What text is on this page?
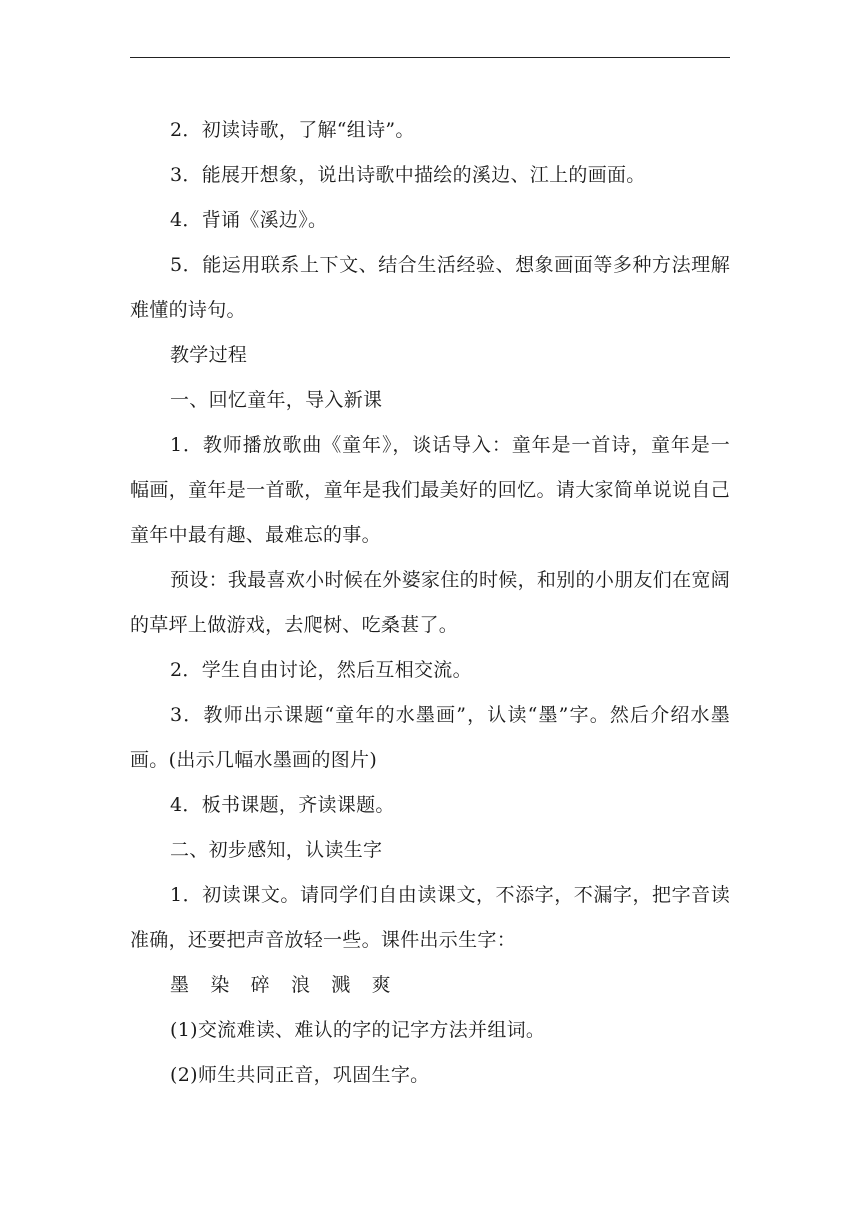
2．初读诗歌，了解“组诗”。

3．能展开想象，说出诗歌中描绘的溪边、江上的画面。

4．背诵《溪边》。

5．能运用联系上下文、结合生活经验、想象画面等多种方法理解难懂的诗句。

教学过程

一、回忆童年，导入新课

1．教师播放歌曲《童年》，谈话导入：童年是一首诗，童年是一幅画，童年是一首歌，童年是我们最美好的回忆。请大家简单说说自己童年中最有趣、最难忘的事。

预设：我最喜欢小时候在外婆家住的时候，和别的小朋友们在宽阔的草坪上做游戏，去爬树、吃桑葚了。

2．学生自由讨论，然后互相交流。

3．教师出示课题“童年的水墨画”，认读“墨”字。然后介绍水墨画。(出示几幅水墨画的图片)

4．板书课题，齐读课题。

二、初步感知，认读生字

1．初读课文。请同学们自由读课文，不添字，不漏字，把字音读准确，还要把声音放轻一些。课件出示生字：

墨 染 碎 浪 溅 爽

(1)交流难读、难认的字的记字方法并组词。

(2)师生共同正音，巩固生字。
